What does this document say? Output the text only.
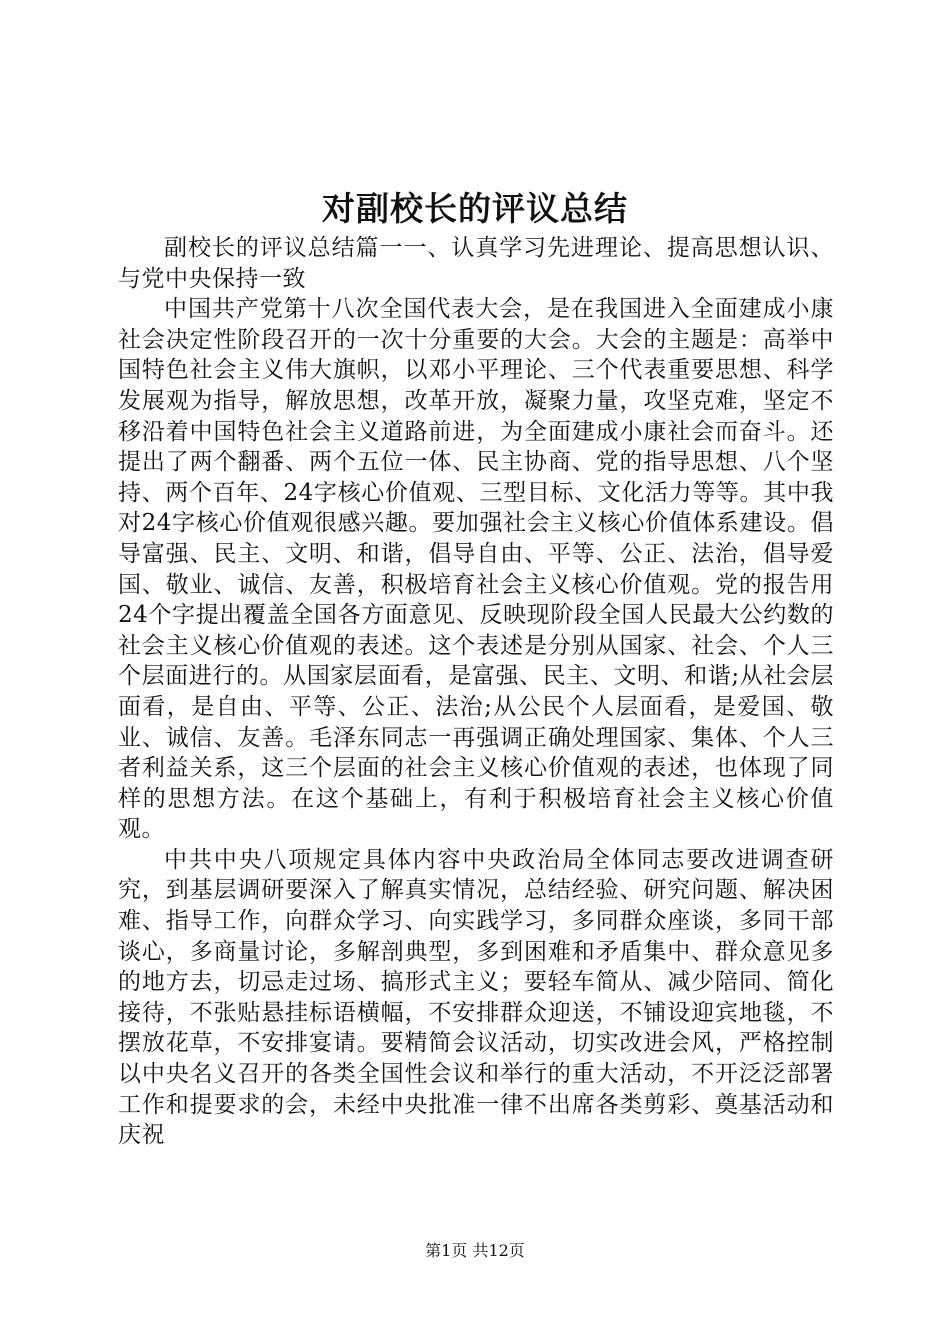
对副校长的评议总结

副校长的评议总结篇一一、认真学习先进理论、提高思想认识、与党中央保持一致

中国共产党第十八次全国代表大会，是在我国进入全面建成小康社会决定性阶段召开的一次十分重要的大会。大会的主题是：高举中国特色社会主义伟大旗帜，以邓小平理论、三个代表重要思想、科学发展观为指导，解放思想，改革开放，凝聚力量，攻坚克难，坚定不移沿着中国特色社会主义道路前进，为全面建成小康社会而奋斗。还提出了两个翻番、两个五位一体、民主协商、党的指导思想、八个坚持、两个百年、24字核心价值观、三型目标、文化活力等等。其中我对24字核心价值观很感兴趣。要加强社会主义核心价值体系建设。倡导富强、民主、文明、和谐，倡导自由、平等、公正、法治，倡导爱国、敬业、诚信、友善，积极培育社会主义核心价值观。党的报告用24个字提出覆盖全国各方面意见、反映现阶段全国人民最大公约数的社会主义核心价值观的表述。这个表述是分别从国家、社会、个人三个层面进行的。从国家层面看，是富强、民主、文明、和谐;从社会层面看，是自由、平等、公正、法治;从公民个人层面看，是爱国、敬业、诚信、友善。毛泽东同志一再强调正确处理国家、集体、个人三者利益关系，这三个层面的社会主义核心价值观的表述，也体现了同样的思想方法。在这个基础上，有利于积极培育社会主义核心价值观。

中共中央八项规定具体内容中央政治局全体同志要改进调查研究，到基层调研要深入了解真实情况，总结经验、研究问题、解决困难、指导工作，向群众学习、向实践学习，多同群众座谈，多同干部谈心，多商量讨论，多解剖典型，多到困难和矛盾集中、群众意见多的地方去，切忌走过场、搞形式主义；要轻车简从、减少陪同、简化接待，不张贴悬挂标语横幅，不安排群众迎送，不铺设迎宾地毯，不摆放花草，不安排宴请。要精简会议活动，切实改进会风，严格控制以中央名义召开的各类全国性会议和举行的重大活动，不开泛泛部署工作和提要求的会，未经中央批准一律不出席各类剪彩、奠基活动和庆祝

第1页 共12页
